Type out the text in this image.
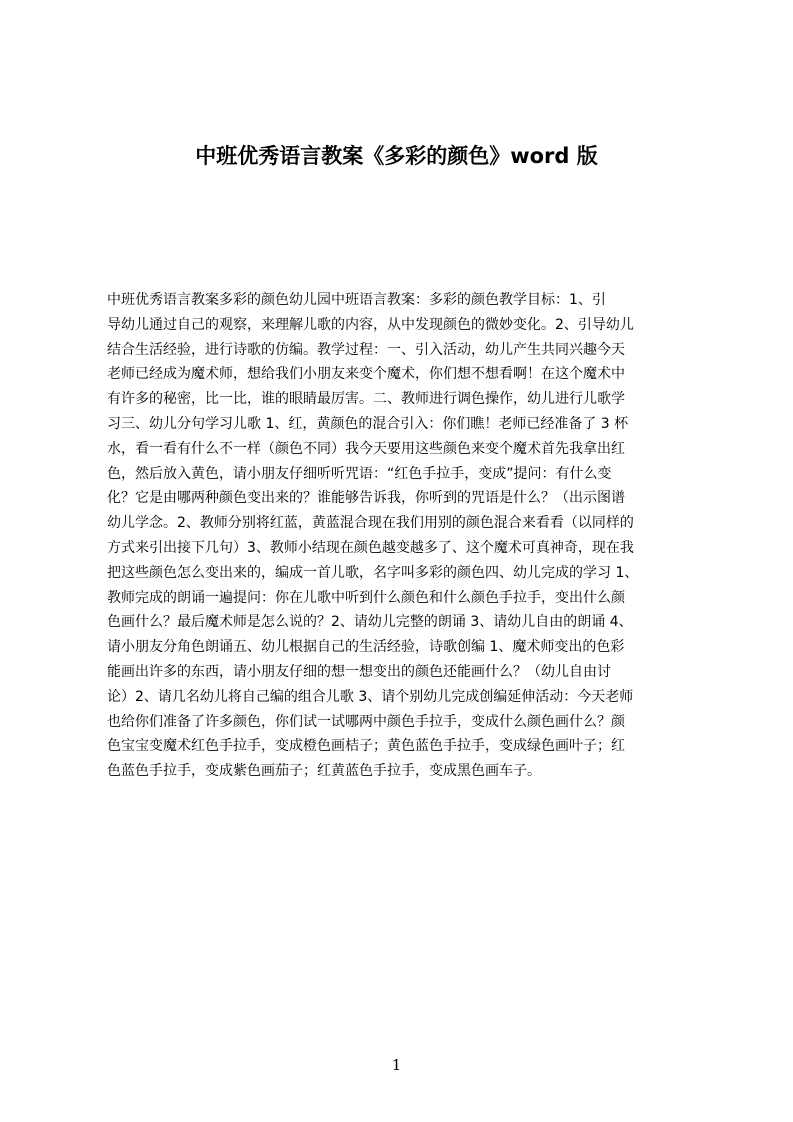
中班优秀语言教案《多彩的颜色》word 版
中班优秀语言教案多彩的颜色幼儿园中班语言教案：多彩的颜色教学目标：1、引
导幼儿通过自己的观察，来理解儿歌的内容，从中发现颜色的微妙变化。2、引导幼儿
结合生活经验，进行诗歌的仿编。教学过程：一、引入活动，幼儿产生共同兴趣今天
老师已经成为魔术师，想给我们小朋友来变个魔术，你们想不想看啊！在这个魔术中
有许多的秘密，比一比，谁的眼睛最厉害。二、教师进行调色操作，幼儿进行儿歌学
习三、幼儿分句学习儿歌 1、红，黄颜色的混合引入：你们瞧！老师已经准备了 3 杯
水，看一看有什么不一样（颜色不同）我今天要用这些颜色来变个魔术首先我拿出红
色，然后放入黄色，请小朋友仔细听听咒语：“红色手拉手，变成”提问：有什么变
化？它是由哪两种颜色变出来的？谁能够告诉我，你听到的咒语是什么？（出示图谱
幼儿学念。2、教师分别将红蓝，黄蓝混合现在我们用别的颜色混合来看看（以同样的
方式来引出接下几句）3、教师小结现在颜色越变越多了、这个魔术可真神奇，现在我
把这些颜色怎么变出来的，编成一首儿歌，名字叫多彩的颜色四、幼儿完成的学习 1、
教师完成的朗诵一遍提问：你在儿歌中听到什么颜色和什么颜色手拉手，变出什么颜
色画什么？最后魔术师是怎么说的？2、请幼儿完整的朗诵 3、请幼儿自由的朗诵 4、
请小朋友分角色朗诵五、幼儿根据自己的生活经验，诗歌创编 1、魔术师变出的色彩
能画出许多的东西，请小朋友仔细的想一想变出的颜色还能画什么？（幼儿自由讨
论）2、请几名幼儿将自己编的组合儿歌 3、请个别幼儿完成创编延伸活动：今天老师
也给你们准备了许多颜色，你们试一试哪两中颜色手拉手，变成什么颜色画什么？颜
色宝宝变魔术红色手拉手，变成橙色画桔子；黄色蓝色手拉手，变成绿色画叶子；红
色蓝色手拉手，变成紫色画茄子；红黄蓝色手拉手，变成黑色画车子。
1
